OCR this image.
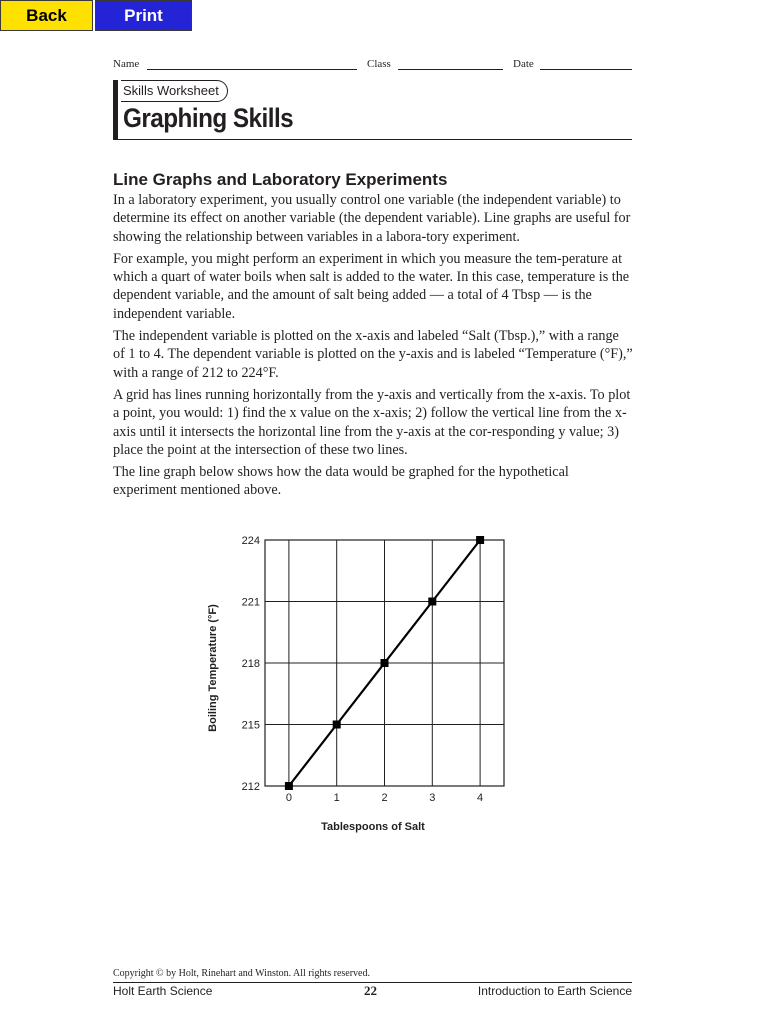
Back	Print
Name	Class	Date
Skills Worksheet
Graphing Skills
Line Graphs and Laboratory Experiments

In a laboratory experiment, you usually control one variable (the independent variable) to determine its effect on another variable (the dependent variable). Line graphs are useful for showing the relationship between variables in a labora-tory experiment.

For example, you might perform an experiment in which you measure the tem-perature at which a quart of water boils when salt is added to the water. In this case, temperature is the dependent variable, and the amount of salt being added — a total of 4 Tbsp — is the independent variable.

The independent variable is plotted on the x-axis and labeled “Salt (Tbsp.),” with a range of 1 to 4. The dependent variable is plotted on the y-axis and is labeled “Temperature (°F),” with a range of 212 to 224°F.

A grid has lines running horizontally from the y-axis and vertically from the x-axis. To plot a point, you would: 1) find the x value on the x-axis; 2) follow the vertical line from the x-axis until it intersects the horizontal line from the y-axis at the cor-responding y value; 3) place the point at the intersection of these two lines.

The line graph below shows how the data would be graphed for the hypothetical experiment mentioned above.

212
215
218
221
224
0	1	2	3	4
Tablespoons of Salt
Boiling Temperature (°F)
Copyright © by Holt, Rinehart and Winston. All rights reserved.
Holt Earth Science	22	Introduction to Earth Science
